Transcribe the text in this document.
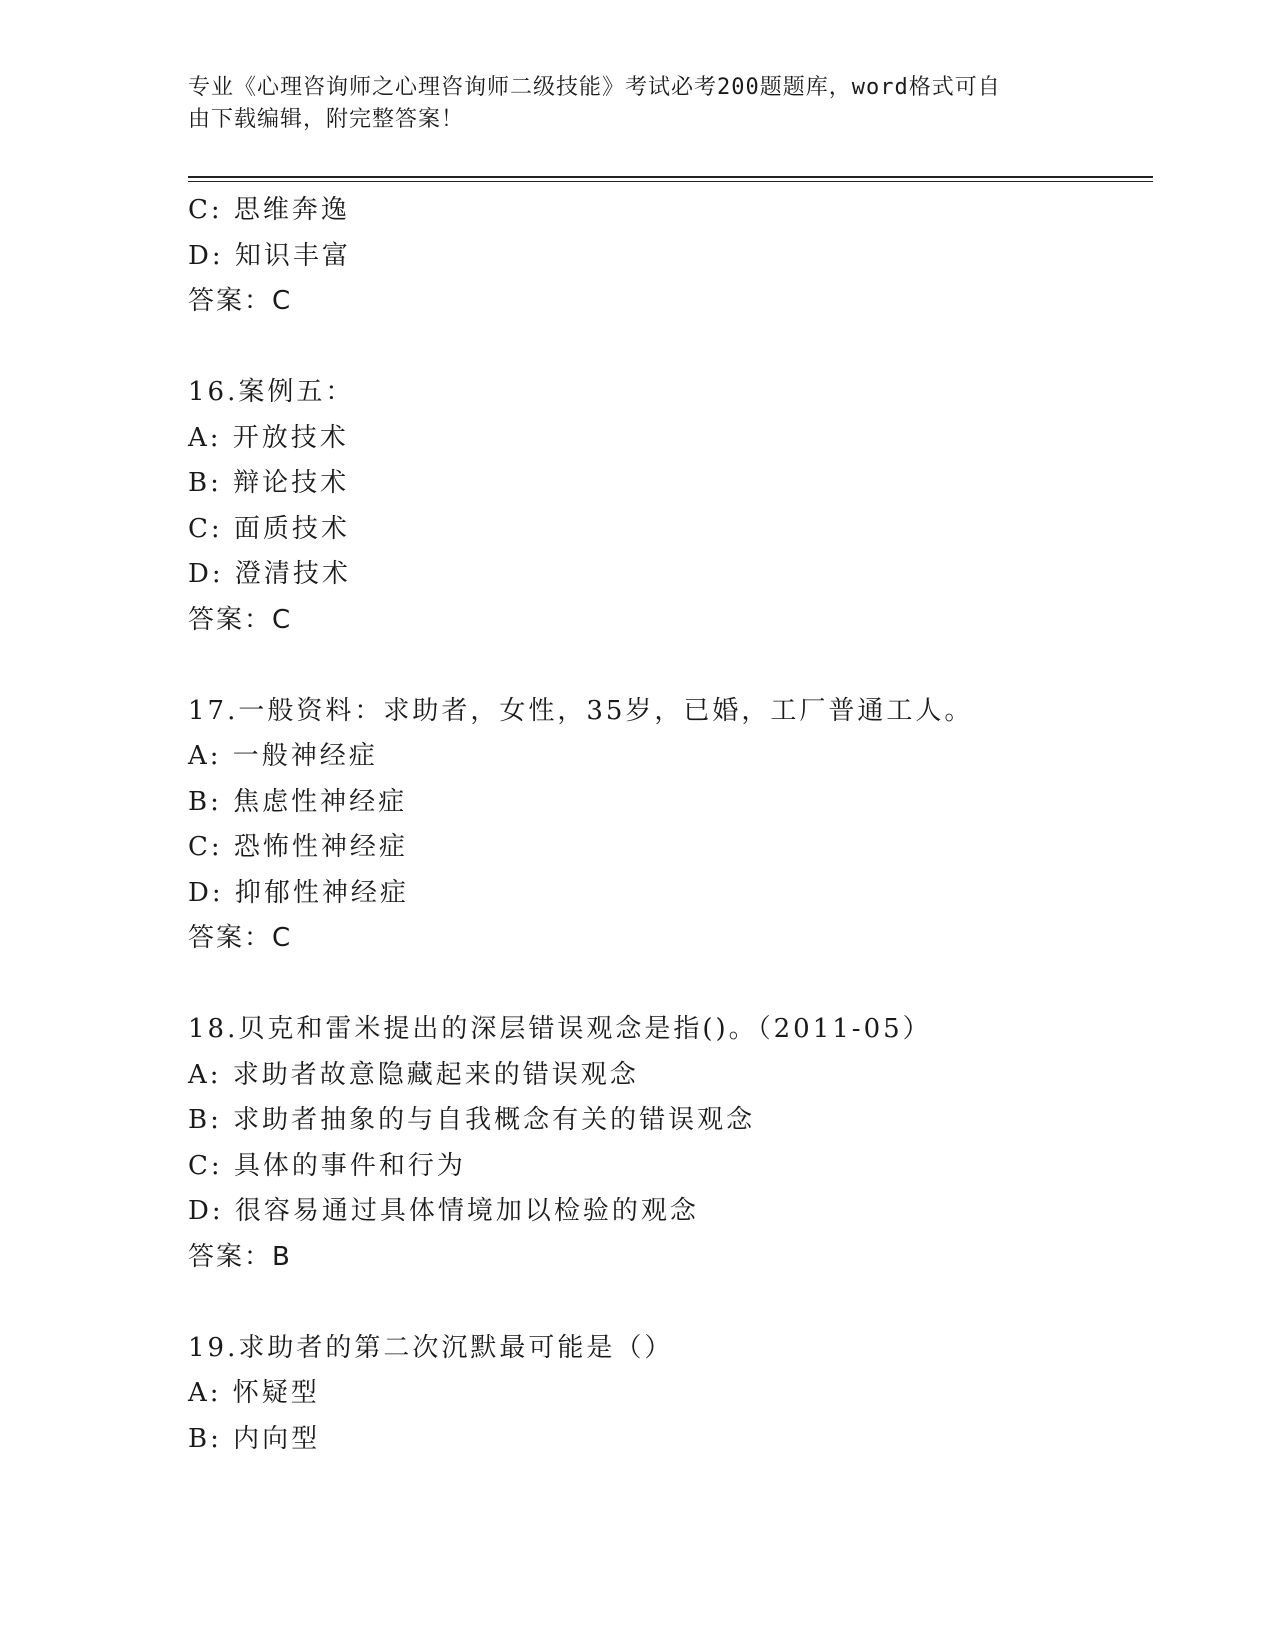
专业《心理咨询师之心理咨询师二级技能》考试必考200题题库，word格式可自
由下载编辑，附完整答案！
C: 思维奔逸
D: 知识丰富
答案：C
16.案例五：
A: 开放技术
B: 辩论技术
C: 面质技术
D: 澄清技术
答案：C
17.一般资料：求助者，女性，35岁，已婚，工厂普通工人。
A: 一般神经症
B: 焦虑性神经症
C: 恐怖性神经症
D: 抑郁性神经症
答案：C
18.贝克和雷米提出的深层错误观念是指()。（2011-05）
A: 求助者故意隐藏起来的错误观念
B: 求助者抽象的与自我概念有关的错误观念
C: 具体的事件和行为
D: 很容易通过具体情境加以检验的观念
答案：B
19.求助者的第二次沉默最可能是（）
A: 怀疑型
B: 内向型
